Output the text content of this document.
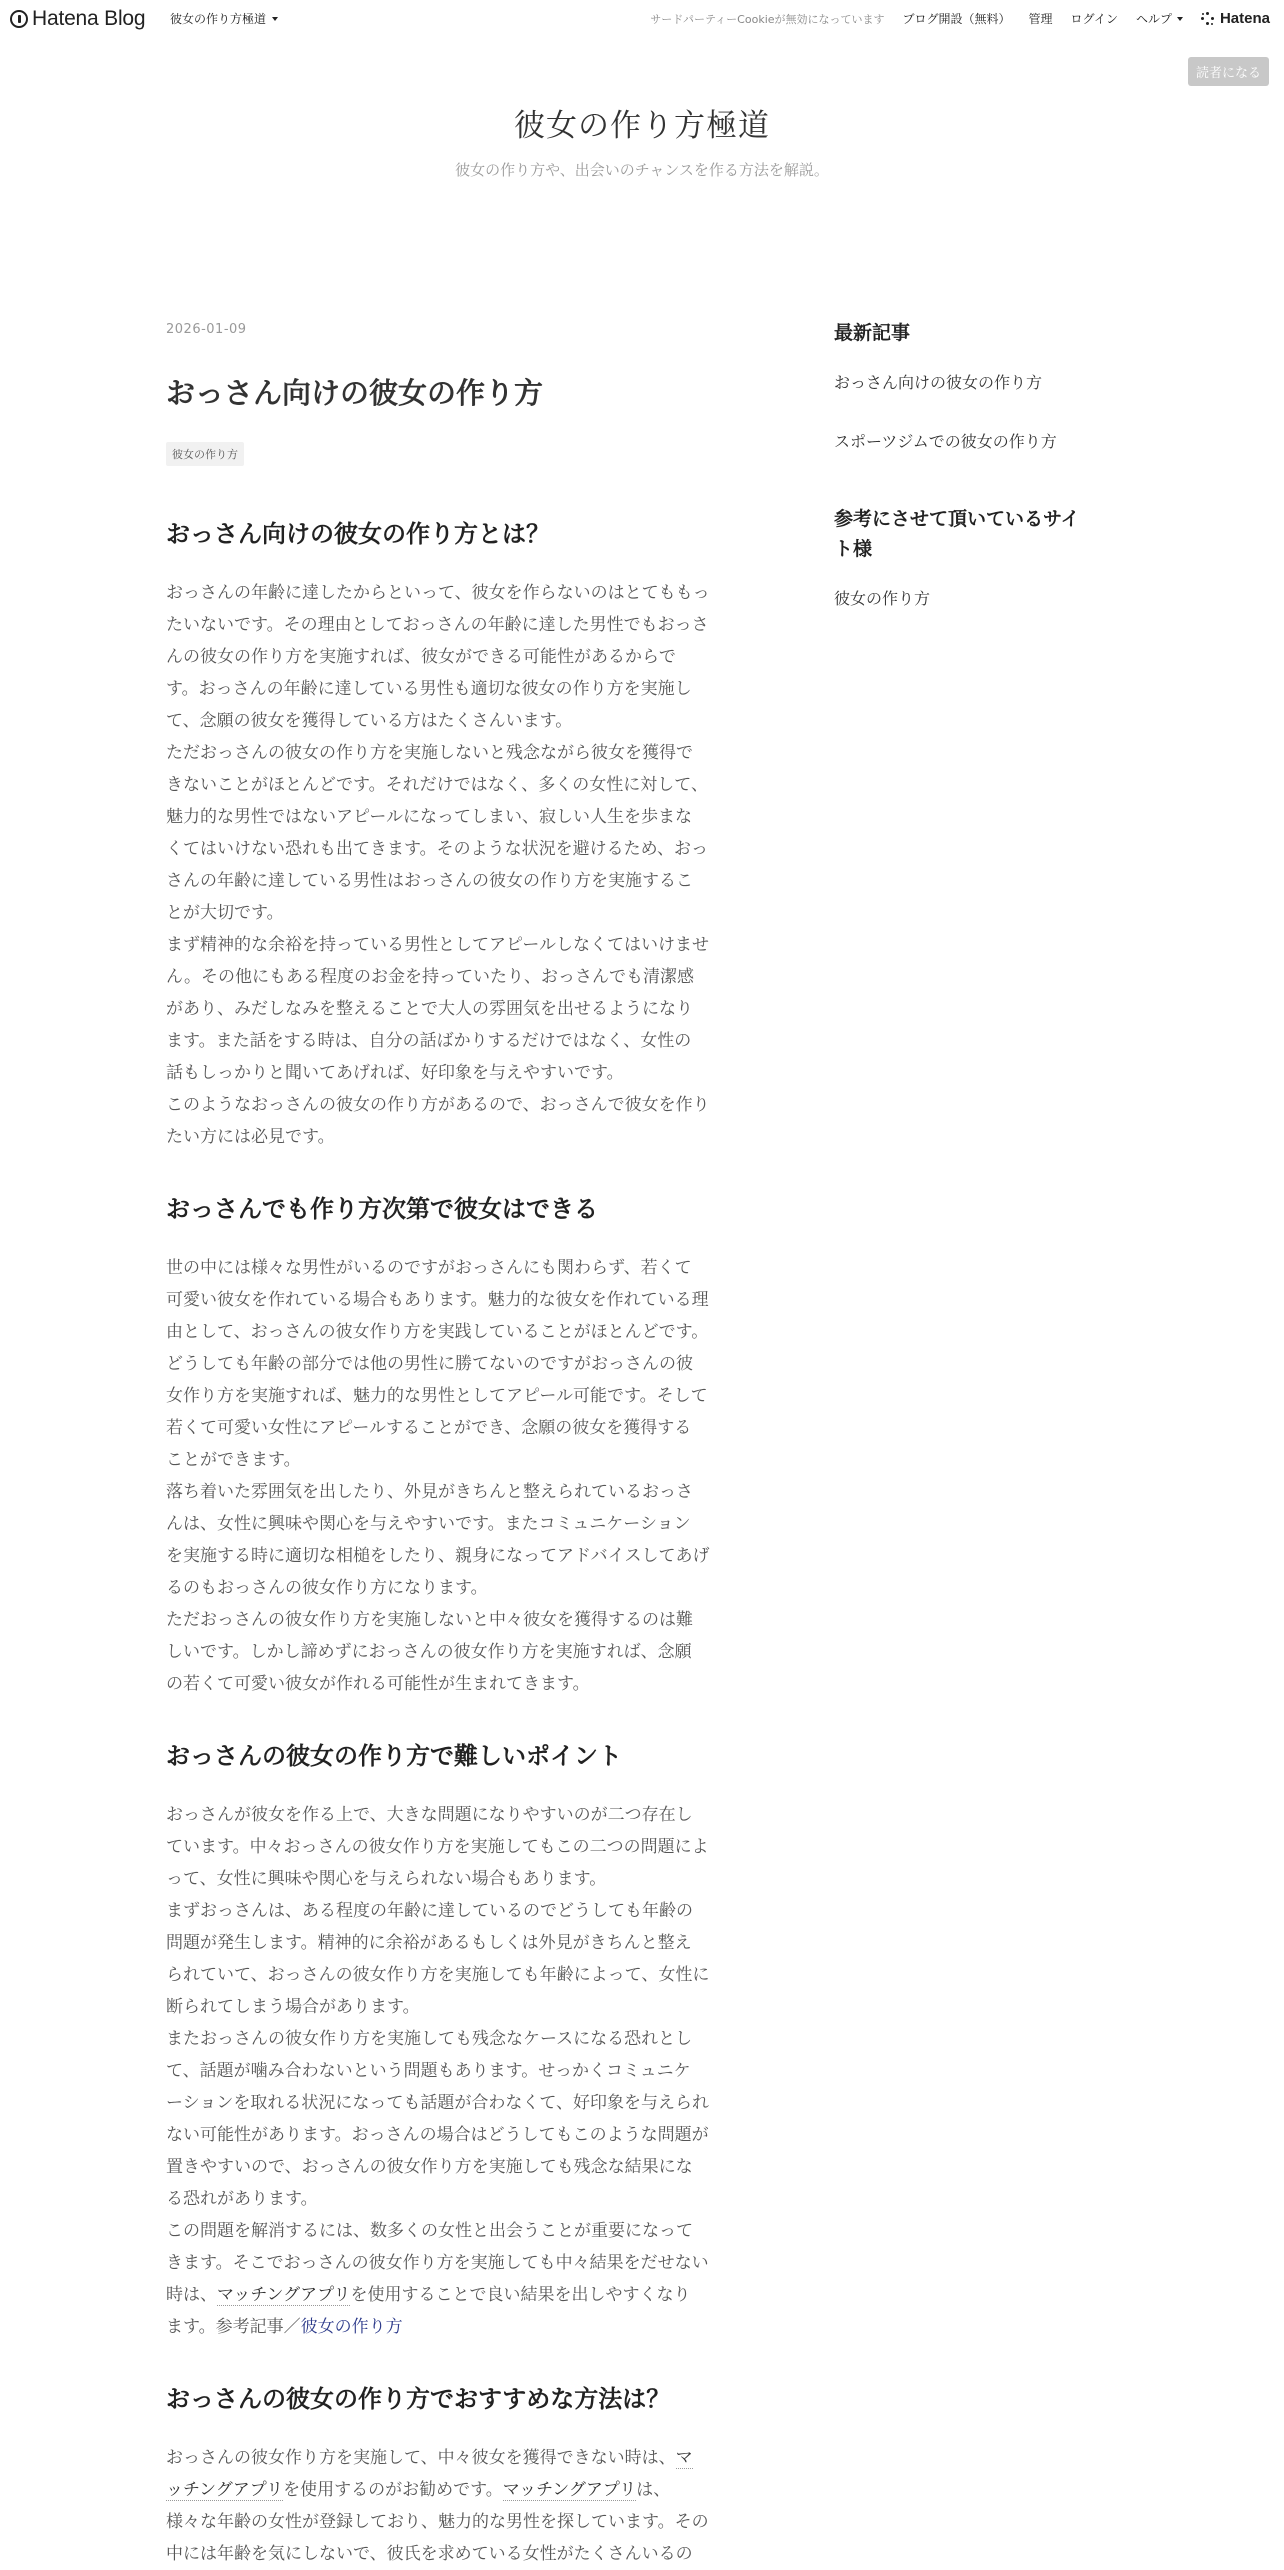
Hatena Blog 彼女の作り方極道	サードパーティーCookieが無効になっています ブログ開設（無料） 管理 ログイン ヘルプ	Hatena
読者になる
彼女の作り方極道
彼女の作り方や、出会いのチャンスを作る方法を解説。
2026-01-09
おっさん向けの彼女の作り方
彼女の作り方
おっさん向けの彼女の作り方とは？
おっさんの年齢に達したからといって、彼女を作らないのはとてももっ
たいないです。その理由としておっさんの年齢に達した男性でもおっさ
んの彼女の作り方を実施すれば、彼女ができる可能性があるからで
す。おっさんの年齢に達している男性も適切な彼女の作り方を実施し
て、念願の彼女を獲得している方はたくさんいます。
ただおっさんの彼女の作り方を実施しないと残念ながら彼女を獲得で
きないことがほとんどです。それだけではなく、多くの女性に対して、
魅力的な男性ではないアピールになってしまい、寂しい人生を歩まな
くてはいけない恐れも出てきます。そのような状況を避けるため、おっ
さんの年齢に達している男性はおっさんの彼女の作り方を実施するこ
とが大切です。
まず精神的な余裕を持っている男性としてアピールしなくてはいけませ
ん。その他にもある程度のお金を持っていたり、おっさんでも清潔感
があり、みだしなみを整えることで大人の雰囲気を出せるようになり
ます。また話をする時は、自分の話ばかりするだけではなく、女性の
話もしっかりと聞いてあげれば、好印象を与えやすいです。
このようなおっさんの彼女の作り方があるので、おっさんで彼女を作り
たい方には必見です。
おっさんでも作り方次第で彼女はできる
世の中には様々な男性がいるのですがおっさんにも関わらず、若くて
可愛い彼女を作れている場合もあります。魅力的な彼女を作れている理
由として、おっさんの彼女作り方を実践していることがほとんどです。
どうしても年齢の部分では他の男性に勝てないのですがおっさんの彼
女作り方を実施すれば、魅力的な男性としてアピール可能です。そして
若くて可愛い女性にアピールすることができ、念願の彼女を獲得する
ことができます。
落ち着いた雰囲気を出したり、外見がきちんと整えられているおっさ
んは、女性に興味や関心を与えやすいです。またコミュニケーション
を実施する時に適切な相槌をしたり、親身になってアドバイスしてあげ
るのもおっさんの彼女作り方になります。
ただおっさんの彼女作り方を実施しないと中々彼女を獲得するのは難
しいです。しかし諦めずにおっさんの彼女作り方を実施すれば、念願
の若くて可愛い彼女が作れる可能性が生まれてきます。
おっさんの彼女の作り方で難しいポイント
おっさんが彼女を作る上で、大きな問題になりやすいのが二つ存在し
ています。中々おっさんの彼女作り方を実施してもこの二つの問題によ
って、女性に興味や関心を与えられない場合もあります。
まずおっさんは、ある程度の年齢に達しているのでどうしても年齢の
問題が発生します。精神的に余裕があるもしくは外見がきちんと整え
られていて、おっさんの彼女作り方を実施しても年齢によって、女性に
断られてしまう場合があります。
またおっさんの彼女作り方を実施しても残念なケースになる恐れとし
て、話題が噛み合わないという問題もあります。せっかくコミュニケ
ーションを取れる状況になっても話題が合わなくて、好印象を与えられ
ない可能性があります。おっさんの場合はどうしてもこのような問題が
置きやすいので、おっさんの彼女作り方を実施しても残念な結果にな
る恐れがあります。
この問題を解消するには、数多くの女性と出会うことが重要になって
きます。そこでおっさんの彼女作り方を実施しても中々結果をだせない
時は、マッチングアプリを使用することで良い結果を出しやすくなり
ます。参考記事／彼女の作り方
おっさんの彼女の作り方でおすすめな方法は？
おっさんの彼女作り方を実施して、中々彼女を獲得できない時は、マ
ッチングアプリを使用するのがお勧めです。マッチングアプリは、
様々な年齢の女性が登録しており、魅力的な男性を探しています。その
中には年齢を気にしないで、彼氏を求めている女性がたくさんいるの
最新記事
おっさん向けの彼女の作り方
スポーツジムでの彼女の作り方
参考にさせて頂いているサイ
ト様
彼女の作り方
